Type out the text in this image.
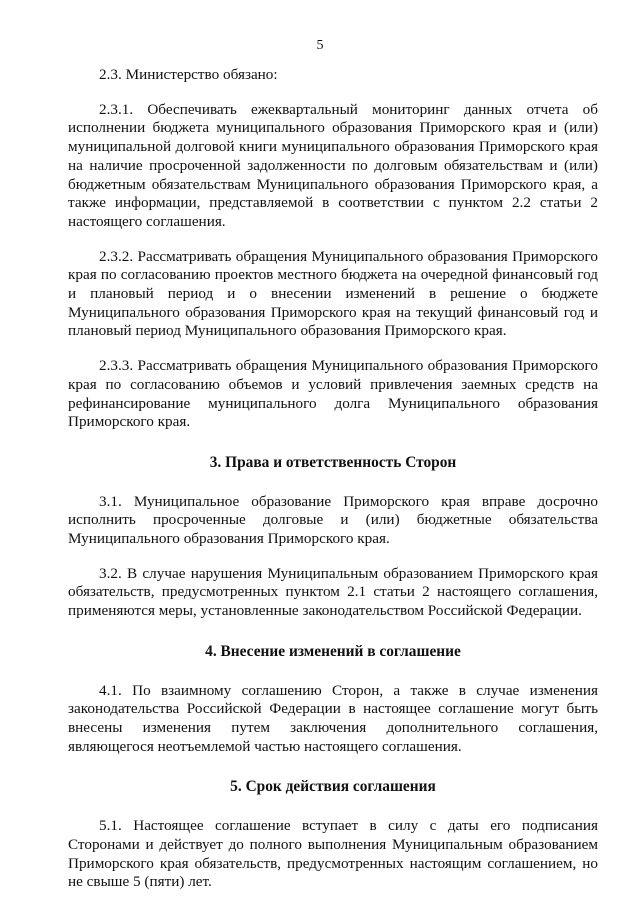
5

2.3. Министерство обязано:

2.3.1. Обеспечивать ежеквартальный мониторинг данных отчета об исполнении бюджета муниципального образования Приморского края и (или) муниципальной долговой книги муниципального образования Приморского края на наличие просроченной задолженности по долговым обязательствам и (или) бюджетным обязательствам Муниципального образования Приморского края, а также информации, представляемой в соответствии с пунктом 2.2 статьи 2 настоящего соглашения.

2.3.2. Рассматривать обращения Муниципального образования Приморского края по согласованию проектов местного бюджета на очередной финансовый год и плановый период и о внесении изменений в решение о бюджете Муниципального образования Приморского края на текущий финансовый год и плановый период Муниципального образования Приморского края.

2.3.3. Рассматривать обращения Муниципального образования Приморского края по согласованию объемов и условий привлечения заемных средств на рефинансирование муниципального долга Муниципального образования Приморского края.

3. Права и ответственность Сторон

3.1. Муниципальное образование Приморского края вправе досрочно исполнить просроченные долговые и (или) бюджетные обязательства Муниципального образования Приморского края.

3.2. В случае нарушения Муниципальным образованием Приморского края обязательств, предусмотренных пунктом 2.1 статьи 2 настоящего соглашения, применяются меры, установленные законодательством Российской Федерации.

4. Внесение изменений в соглашение

4.1. По взаимному соглашению Сторон, а также в случае изменения законодательства Российской Федерации в настоящее соглашение могут быть внесены изменения путем заключения дополнительного соглашения, являющегося неотъемлемой частью настоящего соглашения.

5. Срок действия соглашения

5.1. Настоящее соглашение вступает в силу с даты его подписания Сторонами и действует до полного выполнения Муниципальным образованием Приморского края обязательств, предусмотренных настоящим соглашением, но не свыше 5 (пяти) лет.
